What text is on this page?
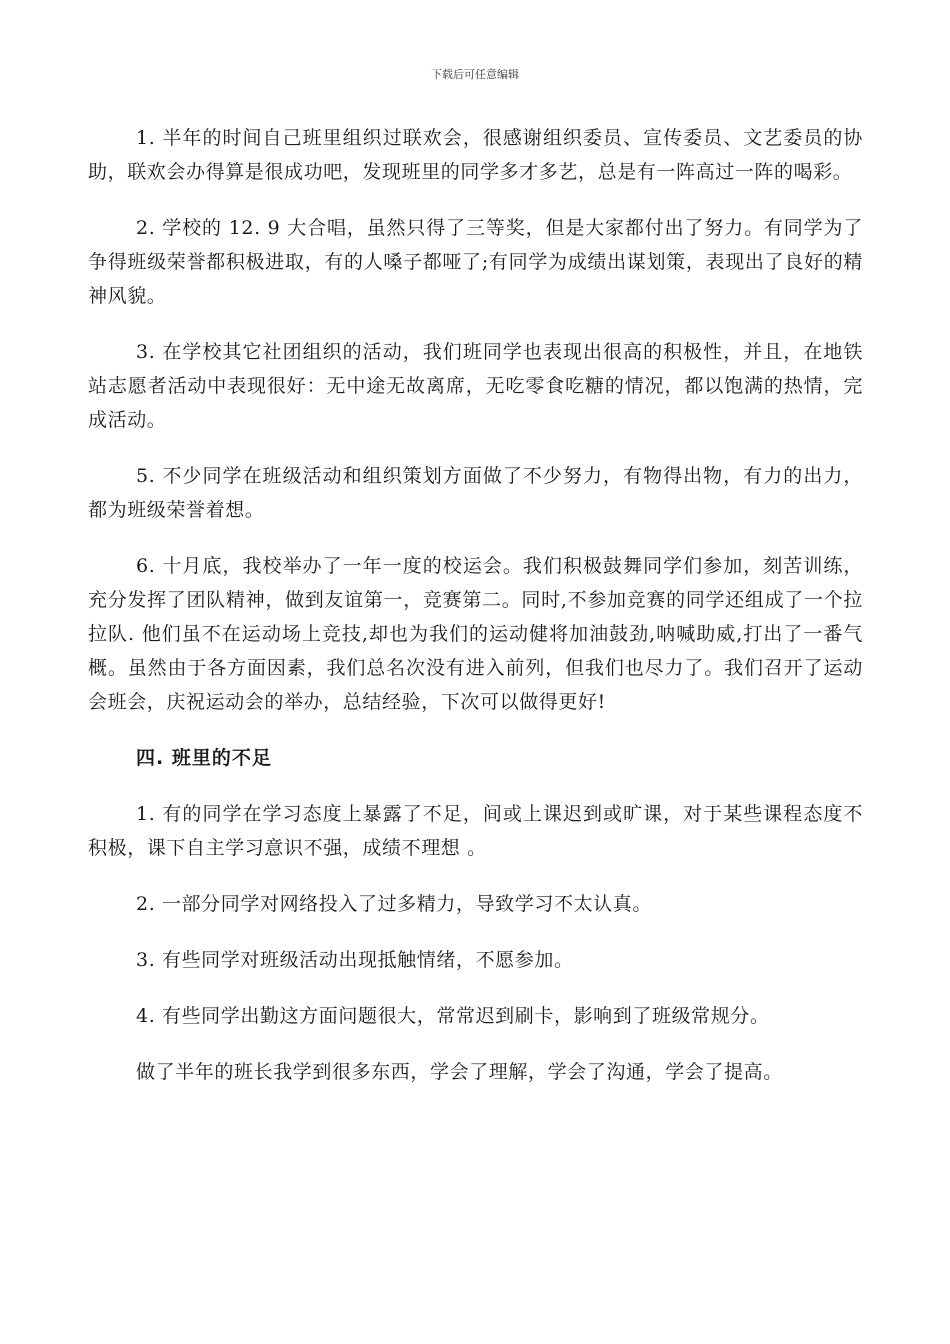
下载后可任意编辑

1. 半年的时间自己班里组织过联欢会，很感谢组织委员、宣传委员、文艺委员的协助，联欢会办得算是很成功吧，发现班里的同学多才多艺，总是有一阵高过一阵的喝彩。

2. 学校的 12. 9 大合唱，虽然只得了三等奖，但是大家都付出了努力。有同学为了争得班级荣誉都积极进取，有的人嗓子都哑了;有同学为成绩出谋划策，表现出了良好的精神风貌。

3. 在学校其它社团组织的活动，我们班同学也表现出很高的积极性，并且，在地铁站志愿者活动中表现很好：无中途无故离席，无吃零食吃糖的情况，都以饱满的热情，完成活动。

5. 不少同学在班级活动和组织策划方面做了不少努力，有物得出物，有力的出力，都为班级荣誉着想。

6. 十月底，我校举办了一年一度的校运会。我们积极鼓舞同学们参加，刻苦训练，充分发挥了团队精神，做到友谊第一，竞赛第二。同时,不参加竞赛的同学还组成了一个拉拉队. 他们虽不在运动场上竞技,却也为我们的运动健将加油鼓劲,呐喊助威,打出了一番气概。虽然由于各方面因素，我们总名次没有进入前列，但我们也尽力了。我们召开了运动会班会，庆祝运动会的举办，总结经验，下次可以做得更好!

四. 班里的不足

1. 有的同学在学习态度上暴露了不足，间或上课迟到或旷课，对于某些课程态度不积极，课下自主学习意识不强，成绩不理想 。

2. 一部分同学对网络投入了过多精力，导致学习不太认真。

3. 有些同学对班级活动出现抵触情绪，不愿参加。

4. 有些同学出勤这方面问题很大，常常迟到刷卡，影响到了班级常规分。

做了半年的班长我学到很多东西，学会了理解，学会了沟通，学会了提高。
